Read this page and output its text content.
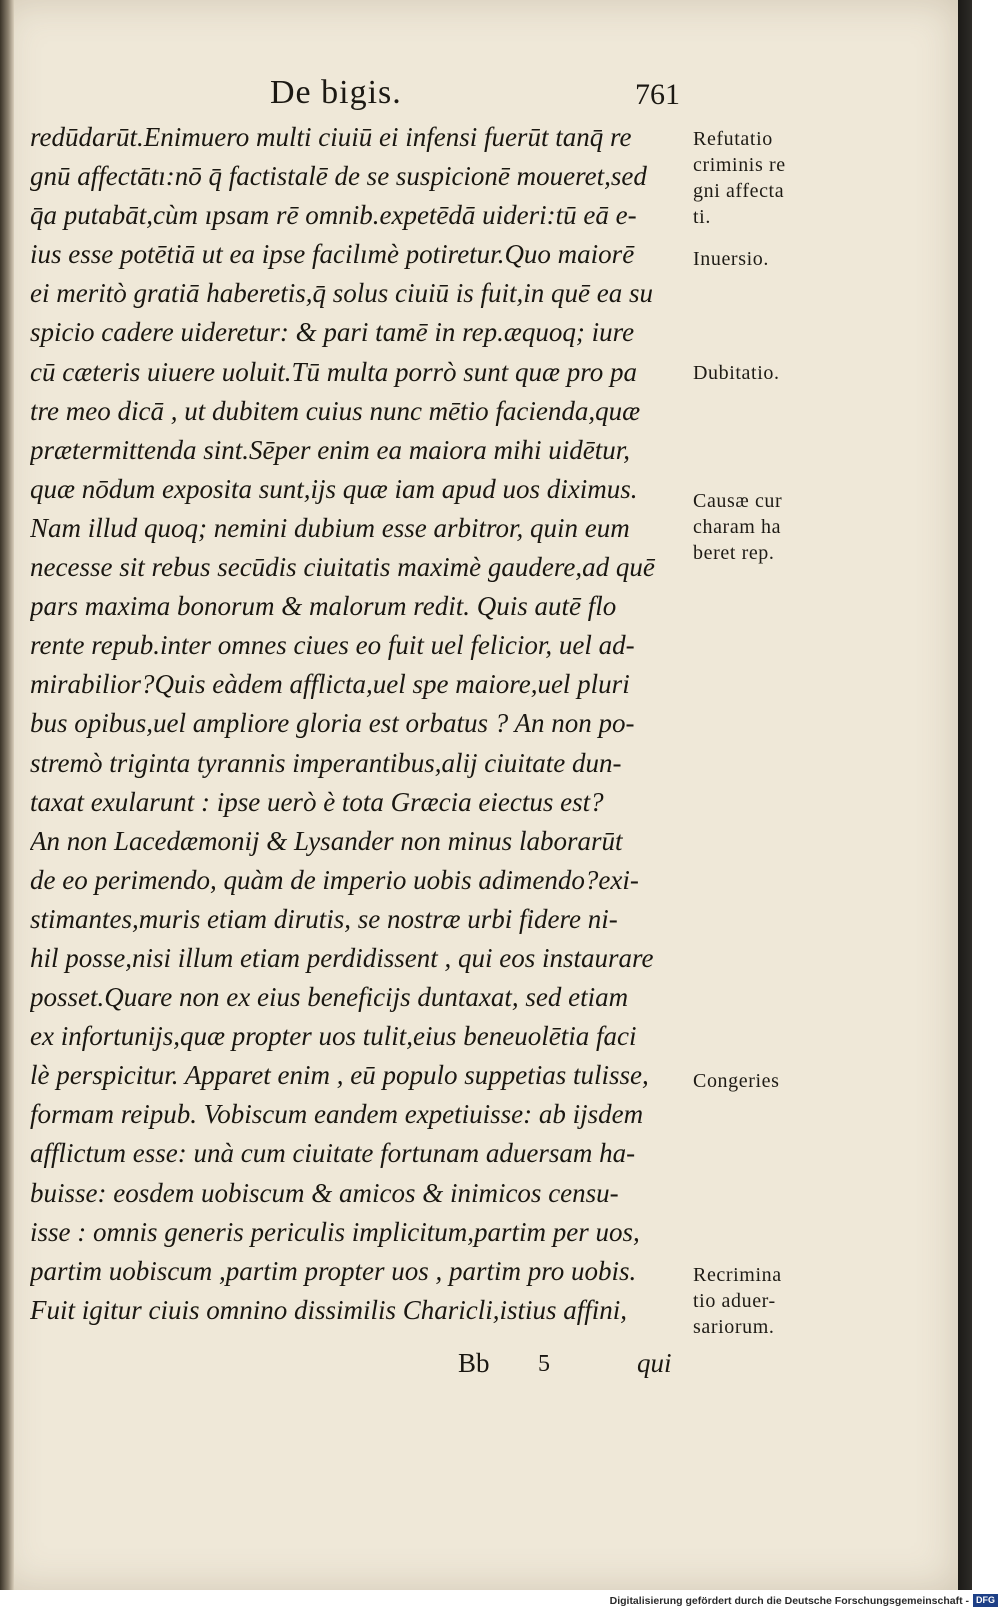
De bigis.	761
redūdarūt.Enimuero multi ciuiū ei infensi fuerūt tanq̄ re
gnū affectātı:nō q̄ factistalē de se suspicionē moueret,sed
q̄a putabāt,cùm ıpsam rē omnib.expetēdā uideri:tū eā e-
ius esse potētiā ut ea ipse facilımè potiretur.Quo maiorē
ei meritò gratiā haberetis,q̄ solus ciuiū is fuit,in quē ea su
spicio cadere uideretur: & pari tamē in rep.æquoq; iure
cū cæteris uiuere uoluit.Tū multa porrò sunt quæ pro pa
tre meo dicā , ut dubitem cuius nunc mētio facienda,quæ
prætermittenda sint.Sēper enim ea maiora mihi uidētur,
quæ nōdum exposita sunt,ijs quæ iam apud uos diximus.
Nam illud quoq; nemini dubium esse arbitror, quin eum
necesse sit rebus secūdis ciuitatis maximè gaudere,ad quē
pars maxima bonorum & malorum redit. Quis autē flo
rente repub.inter omnes ciues eo fuit uel felicior, uel ad-
mirabilior?Quis eàdem afflicta,uel spe maiore,uel pluri
bus opibus,uel ampliore gloria est orbatus ? An non po-
stremò triginta tyrannis imperantibus,alij ciuitate dun-
taxat exularunt : ipse uerò è tota Græcia eiectus est?
An non Lacedæmonij & Lysander non minus laborarūt
de eo perimendo, quàm de imperio uobis adimendo?exi-
stimantes,muris etiam dirutis, se nostræ urbi fidere ni-
hil posse,nisi illum etiam perdidissent , qui eos instaurare
posset.Quare non ex eius beneficijs duntaxat, sed etiam
ex infortunijs,quæ propter uos tulit,eius beneuolētia faci
lè perspicitur. Apparet enim , eū populo suppetias tulisse,
formam reipub. Vobiscum eandem expetiuisse: ab ijsdem
afflictum esse: unà cum ciuitate fortunam aduersam ha-
buisse: eosdem uobiscum & amicos & inimicos censu-
isse : omnis generis periculis implicitum,partim per uos,
partim uobiscum ,partim propter uos , partim pro uobis.
Fuit igitur ciuis omnino dissimilis Charicli,istius affini,
Refutatio
criminis re
gni affecta
ti.
Inuersio.
Dubitatio.
Causæ cur
charam ha
beret rep.
Congeries
Recrimina
tio aduer-
sariorum.
Bb 5	qui
Digitalisierung gefördert durch die Deutsche Forschungsgemeinschaft - DFG
